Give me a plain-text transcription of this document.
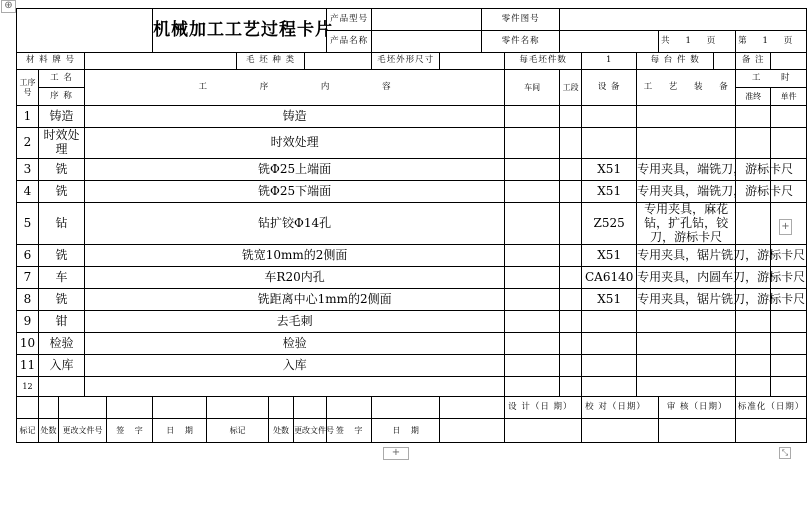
⊕
					机械加工工艺过程卡片						产品型号			零件图号									
											产品名称			零件名称					共 1 页		第 1 页		
材 料 牌 号							毛 坯 种 类					毛坯外形尺寸			每毛坯件数		1	每 台 件 数			备 注		
工序号	工 名		工 序 内 容												车间	工段	设 备	工 艺 装 备			工 时		
	序 称																				准终	单件	
1	铸造		铸造																				
2	时效处理		时效处理																				
3	铣		铣Φ25上端面														X51	专用夹具，端铣刀，游标卡尺					
4	铣		铣Φ25下端面														X51	专用夹具，端铣刀，游标卡尺					
5	钻		钻扩铰Φ14孔														Z525	专用夹具，麻花钻，扩孔钻，铰刀，游标卡尺					
6	铣		铣宽10mm的2侧面														X51	专用夹具，锯片铣刀，游标卡尺					
7	车		车R20内孔														CA6140	专用夹具，内圆车刀，游标卡尺					
8	铣		铣距离中心1mm的2侧面														X51	专用夹具，锯片铣刀，游标卡尺					
9	钳		去毛刺																				
10	检验		检验																				
11	入库		入库																				
12																							
															设 计（日 期）		校 对（日期）		审 核（日期）		标准化（日期）	
标记	处数	更改文件号		签 字	日 期	标记		处数	更改文件号		签 字	日 期											

+
+
⤡
